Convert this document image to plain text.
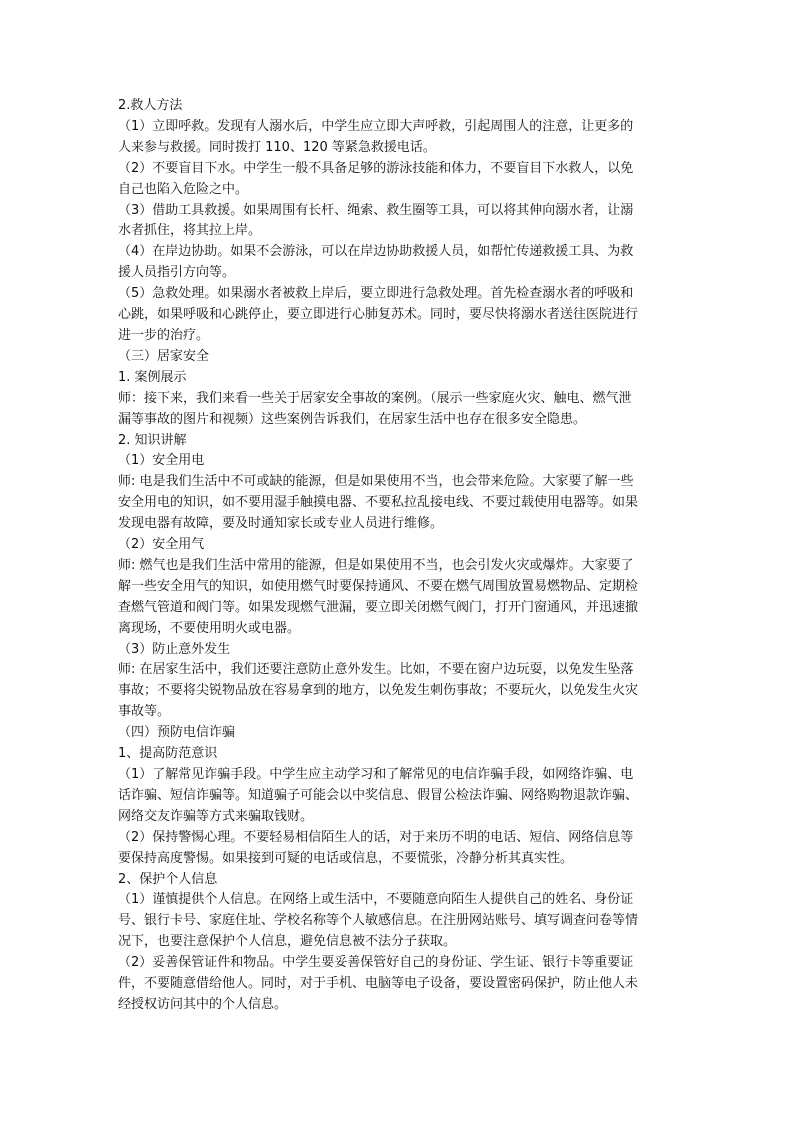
2.救人方法

（1）立即呼救。发现有人溺水后，中学生应立即大声呼救，引起周围人的注意，让更多的

人来参与救援。同时拨打 110、120 等紧急救援电话。

（2）不要盲目下水。中学生一般不具备足够的游泳技能和体力，不要盲目下水救人，以免

自己也陷入危险之中。

（3）借助工具救援。如果周围有长杆、绳索、救生圈等工具，可以将其伸向溺水者，让溺

水者抓住，将其拉上岸。

（4）在岸边协助。如果不会游泳，可以在岸边协助救援人员，如帮忙传递救援工具、为救

援人员指引方向等。

（5）急救处理。如果溺水者被救上岸后，要立即进行急救处理。首先检查溺水者的呼吸和

心跳，如果呼吸和心跳停止，要立即进行心肺复苏术。同时，要尽快将溺水者送往医院进行

进一步的治疗。

（三）居家安全

1. 案例展示

师：接下来，我们来看一些关于居家安全事故的案例。（展示一些家庭火灾、触电、燃气泄

漏等事故的图片和视频）这些案例告诉我们，在居家生活中也存在很多安全隐患。

2. 知识讲解

（1）安全用电

师: 电是我们生活中不可或缺的能源，但是如果使用不当，也会带来危险。大家要了解一些

安全用电的知识，如不要用湿手触摸电器、不要私拉乱接电线、不要过载使用电器等。如果

发现电器有故障，要及时通知家长或专业人员进行维修。

（2）安全用气

师: 燃气也是我们生活中常用的能源，但是如果使用不当，也会引发火灾或爆炸。大家要了

解一些安全用气的知识，如使用燃气时要保持通风、不要在燃气周围放置易燃物品、定期检

查燃气管道和阀门等。如果发现燃气泄漏，要立即关闭燃气阀门，打开门窗通风，并迅速撤

离现场，不要使用明火或电器。

（3）防止意外发生

师: 在居家生活中，我们还要注意防止意外发生。比如，不要在窗户边玩耍，以免发生坠落

事故；不要将尖锐物品放在容易拿到的地方，以免发生刺伤事故；不要玩火，以免发生火灾

事故等。

（四）预防电信诈骗

1、提高防范意识

（1）了解常见诈骗手段。中学生应主动学习和了解常见的电信诈骗手段，如网络诈骗、电

话诈骗、短信诈骗等。知道骗子可能会以中奖信息、假冒公检法诈骗、网络购物退款诈骗、

网络交友诈骗等方式来骗取钱财。

（2）保持警惕心理。不要轻易相信陌生人的话，对于来历不明的电话、短信、网络信息等

要保持高度警惕。如果接到可疑的电话或信息，不要慌张，冷静分析其真实性。

2、保护个人信息

（1）谨慎提供个人信息。在网络上或生活中，不要随意向陌生人提供自己的姓名、身份证

号、银行卡号、家庭住址、学校名称等个人敏感信息。在注册网站账号、填写调查问卷等情

况下，也要注意保护个人信息，避免信息被不法分子获取。

（2）妥善保管证件和物品。中学生要妥善保管好自己的身份证、学生证、银行卡等重要证

件，不要随意借给他人。同时，对于手机、电脑等电子设备，要设置密码保护，防止他人未

经授权访问其中的个人信息。
